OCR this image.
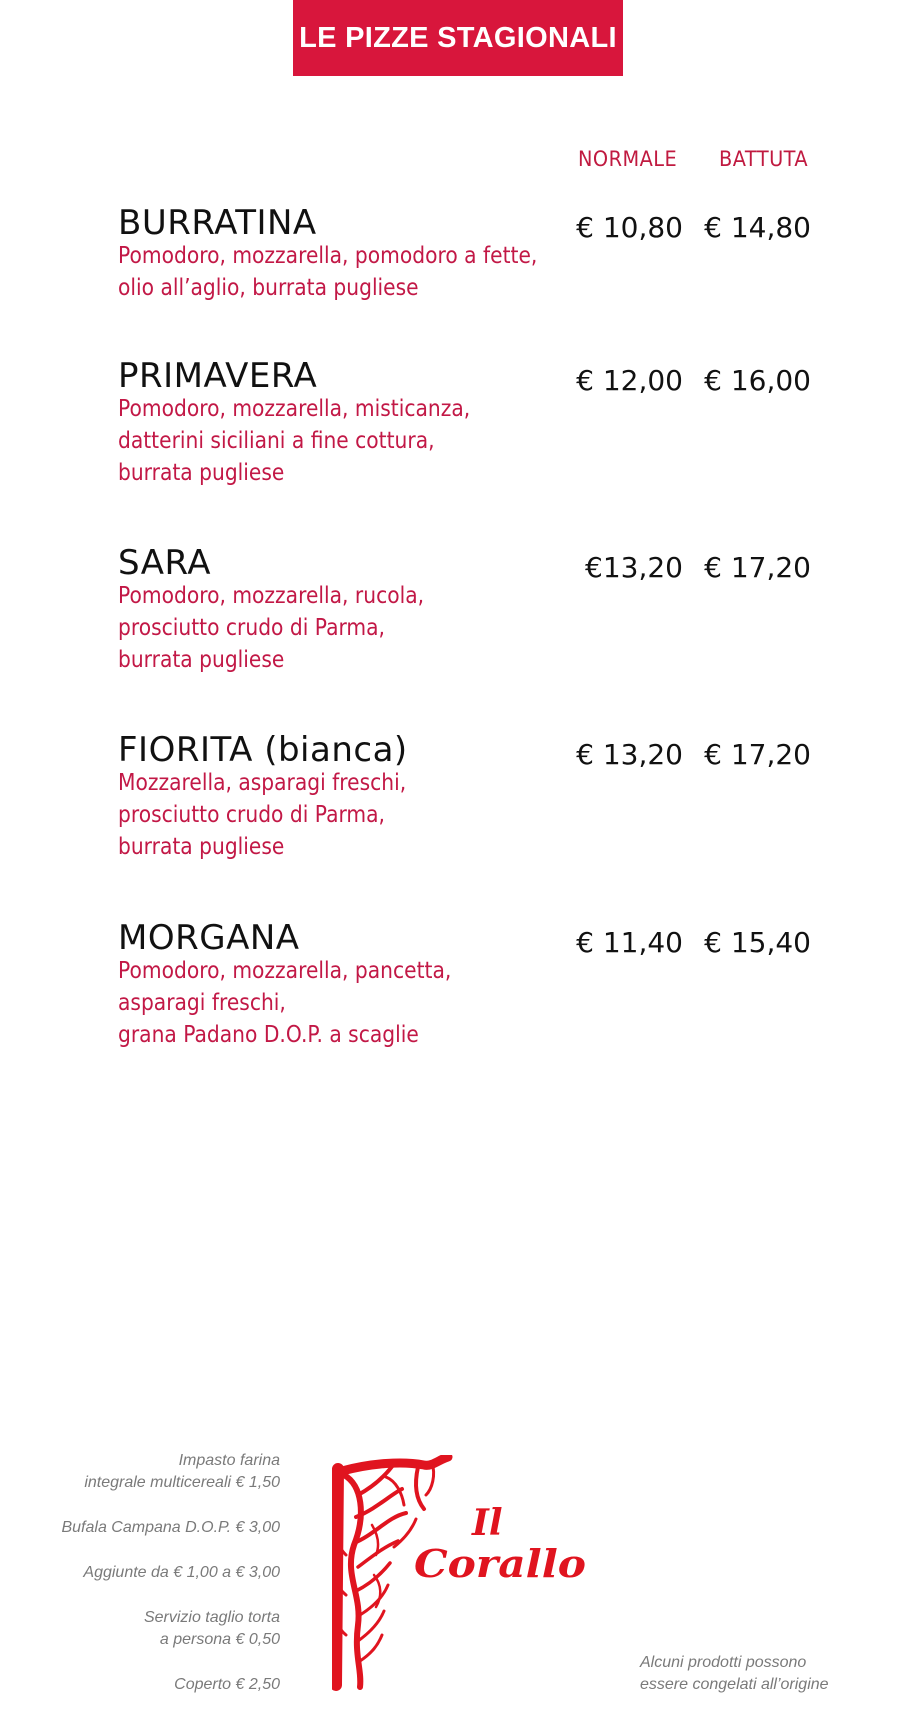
LE PIZZE STAGIONALI
NORMALE BATTUTA
BURRATINA
Pomodoro, mozzarella, pomodoro a fette,
olio all’aglio, burrata pugliese
€ 10,80 € 14,80
PRIMAVERA
Pomodoro, mozzarella, misticanza,
datterini siciliani a fine cottura,
burrata pugliese
€ 12,00 € 16,00
SARA
Pomodoro, mozzarella, rucola,
prosciutto crudo di Parma,
burrata pugliese
€13,20 € 17,20
FIORITA (bianca)
Mozzarella, asparagi freschi,
prosciutto crudo di Parma,
burrata pugliese
€ 13,20 € 17,20
MORGANA
Pomodoro, mozzarella, pancetta,
asparagi freschi,
grana Padano D.O.P. a scaglie
€ 11,40 € 15,40
Impasto farina
integrale multicereali € 1,50
Bufala Campana D.O.P. € 3,00
Aggiunte da € 1,00 a € 3,00
Servizio taglio torta
a persona € 0,50
Coperto € 2,50
Il
Corallo
Alcuni prodotti possono
essere congelati all’origine
